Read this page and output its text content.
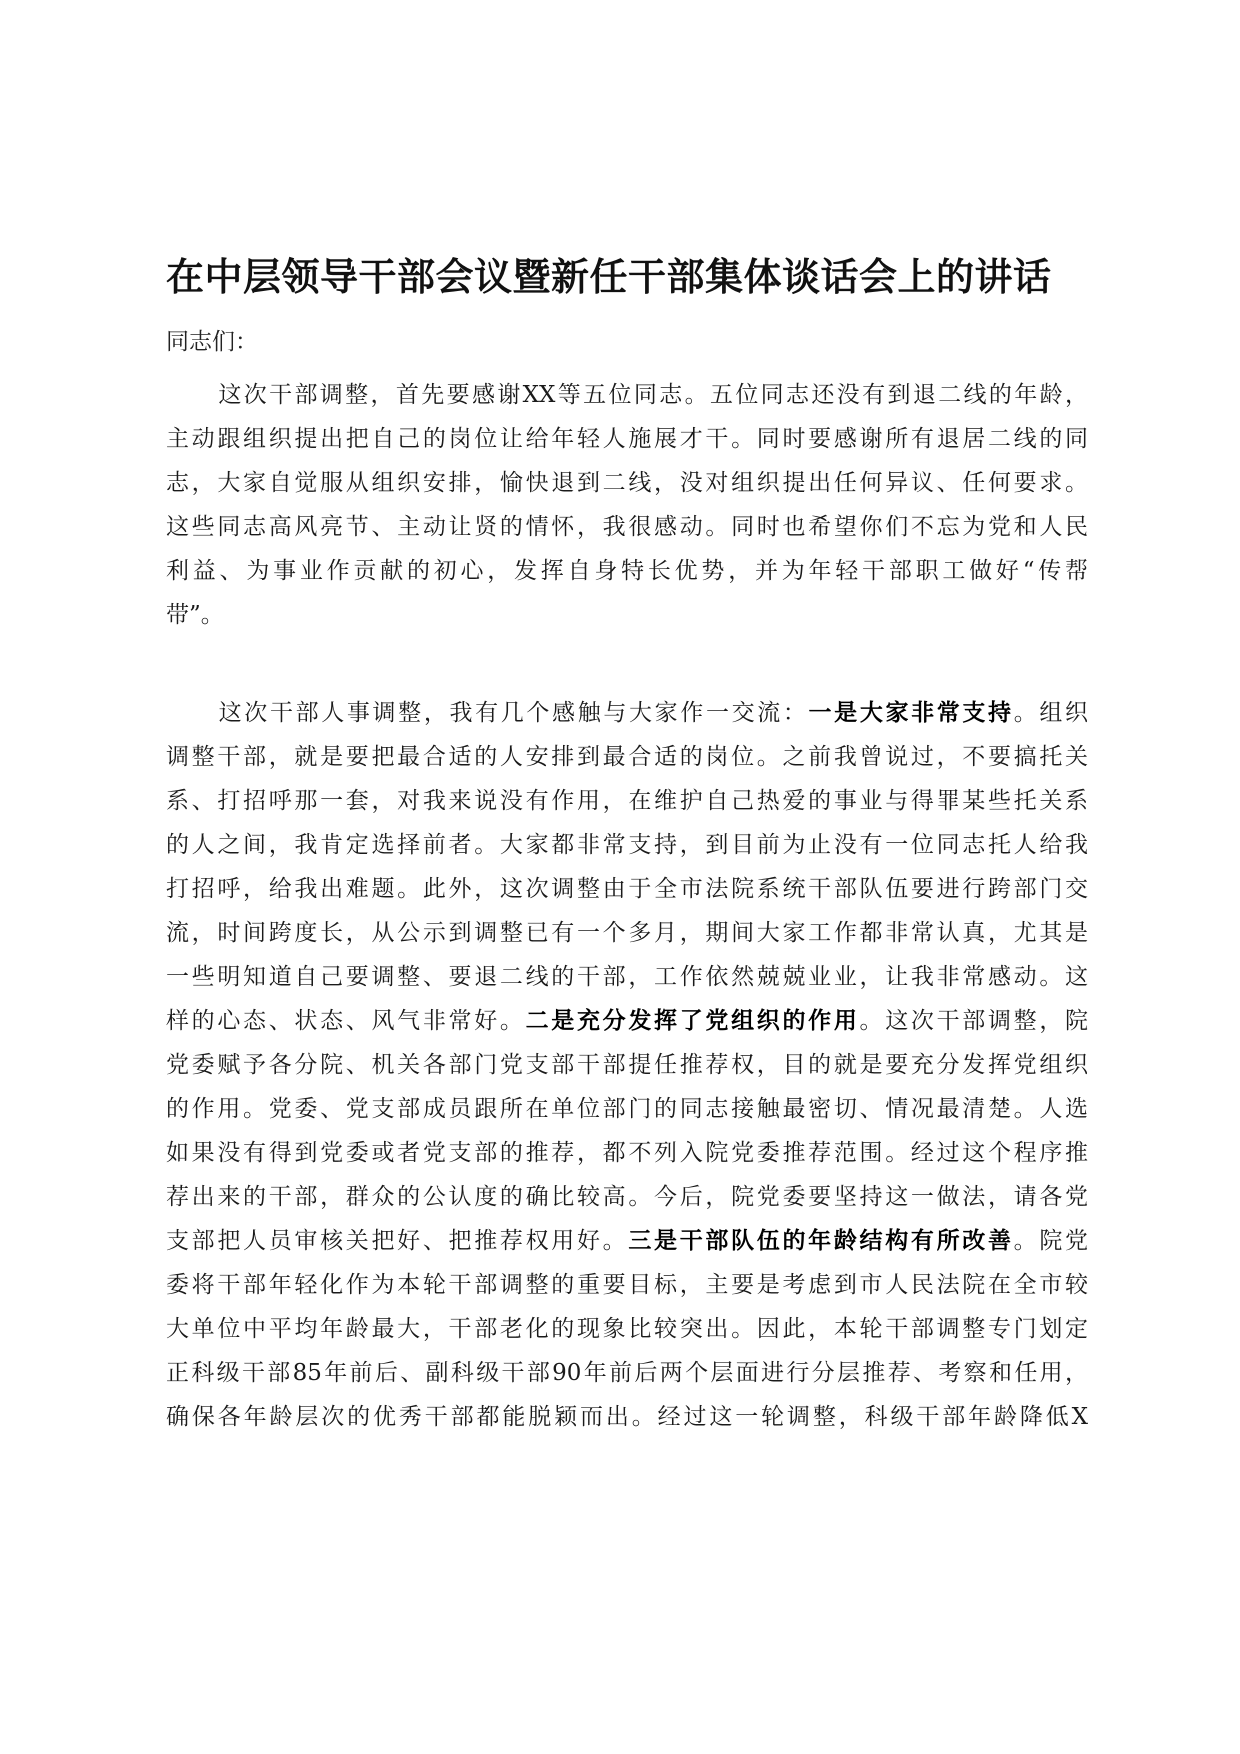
在中层领导干部会议暨新任干部集体谈话会上的讲话

同志们：

这次干部调整，首先要感谢XX等五位同志。五位同志还没有到退二线的年龄，
主动跟组织提出把自己的岗位让给年轻人施展才干。同时要感谢所有退居二线的同
志，大家自觉服从组织安排，愉快退到二线，没对组织提出任何异议、任何要求。
这些同志高风亮节、主动让贤的情怀，我很感动。同时也希望你们不忘为党和人民
利益、为事业作贡献的初心，发挥自身特长优势，并为年轻干部职工做好“传帮
带”。
这次干部人事调整，我有几个感触与大家作一交流：一是大家非常支持。组织
调整干部，就是要把最合适的人安排到最合适的岗位。之前我曾说过，不要搞托关
系、打招呼那一套，对我来说没有作用，在维护自己热爱的事业与得罪某些托关系
的人之间，我肯定选择前者。大家都非常支持，到目前为止没有一位同志托人给我
打招呼，给我出难题。此外，这次调整由于全市法院系统干部队伍要进行跨部门交
流，时间跨度长，从公示到调整已有一个多月，期间大家工作都非常认真，尤其是
一些明知道自己要调整、要退二线的干部，工作依然兢兢业业，让我非常感动。这
样的心态、状态、风气非常好。二是充分发挥了党组织的作用。这次干部调整，院
党委赋予各分院、机关各部门党支部干部提任推荐权，目的就是要充分发挥党组织
的作用。党委、党支部成员跟所在单位部门的同志接触最密切、情况最清楚。人选
如果没有得到党委或者党支部的推荐，都不列入院党委推荐范围。经过这个程序推
荐出来的干部，群众的公认度的确比较高。今后，院党委要坚持这一做法，请各党
支部把人员审核关把好、把推荐权用好。三是干部队伍的年龄结构有所改善。院党
委将干部年轻化作为本轮干部调整的重要目标，主要是考虑到市人民法院在全市较
大单位中平均年龄最大，干部老化的现象比较突出。因此，本轮干部调整专门划定
正科级干部85年前后、副科级干部90年前后两个层面进行分层推荐、考察和任用，
确保各年龄层次的优秀干部都能脱颖而出。经过这一轮调整，科级干部年龄降低X
